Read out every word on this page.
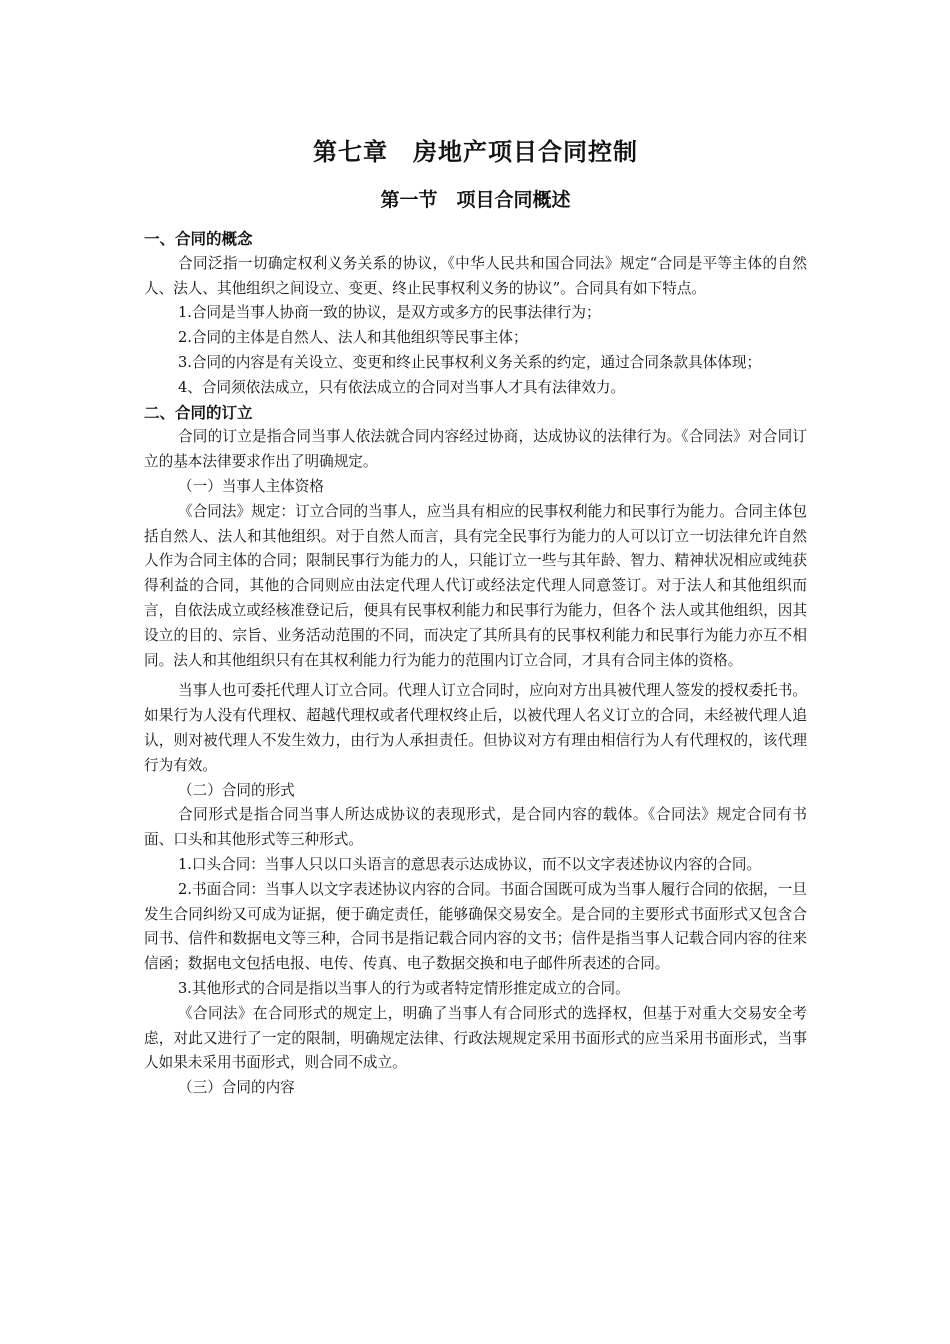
第七章　房地产项目合同控制
第一节　项目合同概述

一、合同的概念

合同泛指一切确定权利义务关系的协议，《中华人民共和国合同法》规定“合同是平等主体的自然人、法人、其他组织之间设立、变更、终止民事权利义务的协议”。合同具有如下特点。

1.合同是当事人协商一致的协议，是双方或多方的民事法律行为；

2.合同的主体是自然人、法人和其他组织等民事主体；

3.合同的内容是有关设立、变更和终止民事权利义务关系的约定，通过合同条款具体体现；

4、合同须依法成立，只有依法成立的合同对当事人才具有法律效力。

二、合同的订立

合同的订立是指合同当事人依法就合同内容经过协商，达成协议的法律行为。《合同法》对合同订立的基本法律要求作出了明确规定。

（一）当事人主体资格

《合同法》规定：订立合同的当事人，应当具有相应的民事权利能力和民事行为能力。合同主体包括自然人、法人和其他组织。对于自然人而言，具有完全民事行为能力的人可以订立一切法律允许自然人作为合同主体的合同；限制民事行为能力的人，只能订立一些与其年龄、智力、精神状况相应或纯获得利益的合同，其他的合同则应由法定代理人代订或经法定代理人同意签订。对于法人和其他组织而言，自依法成立或经核准登记后，便具有民事权利能力和民事行为能力，但各个 法人或其他组织，因其设立的目的、宗旨、业务活动范围的不同，而决定了其所具有的民事权利能力和民事行为能力亦互不相同。法人和其他组织只有在其权利能力行为能力的范围内订立合同，才具有合同主体的资格。

当事人也可委托代理人订立合同。代理人订立合同时，应向对方出具被代理人签发的授权委托书。如果行为人没有代理权、超越代理权或者代理权终止后，以被代理人名义订立的合同，未经被代理人追认，则对被代理人不发生效力，由行为人承担责任。但协议对方有理由相信行为人有代理权的，该代理行为有效。

（二）合同的形式

合同形式是指合同当事人所达成协议的表现形式，是合同内容的载体。《合同法》规定合同有书面、口头和其他形式等三种形式。

1.口头合同：当事人只以口头语言的意思表示达成协议，而不以文字表述协议内容的合同。

2.书面合同：当事人以文字表述协议内容的合同。书面合国既可成为当事人履行合同的依据，一旦发生合同纠纷又可成为证据，便于确定责任，能够确保交易安全。是合同的主要形式书面形式又包含合同书、信件和数据电文等三种，合同书是指记载合同内容的文书；信件是指当事人记载合同内容的往来信函；数据电文包括电报、电传、传真、电子数据交换和电子邮件所表述的合同。

3.其他形式的合同是指以当事人的行为或者特定情形推定成立的合同。

《合同法》在合同形式的规定上，明确了当事人有合同形式的选择权，但基于对重大交易安全考虑，对此又进行了一定的限制，明确规定法律、行政法规规定采用书面形式的应当采用书面形式，当事人如果未采用书面形式，则合同不成立。

（三）合同的内容
